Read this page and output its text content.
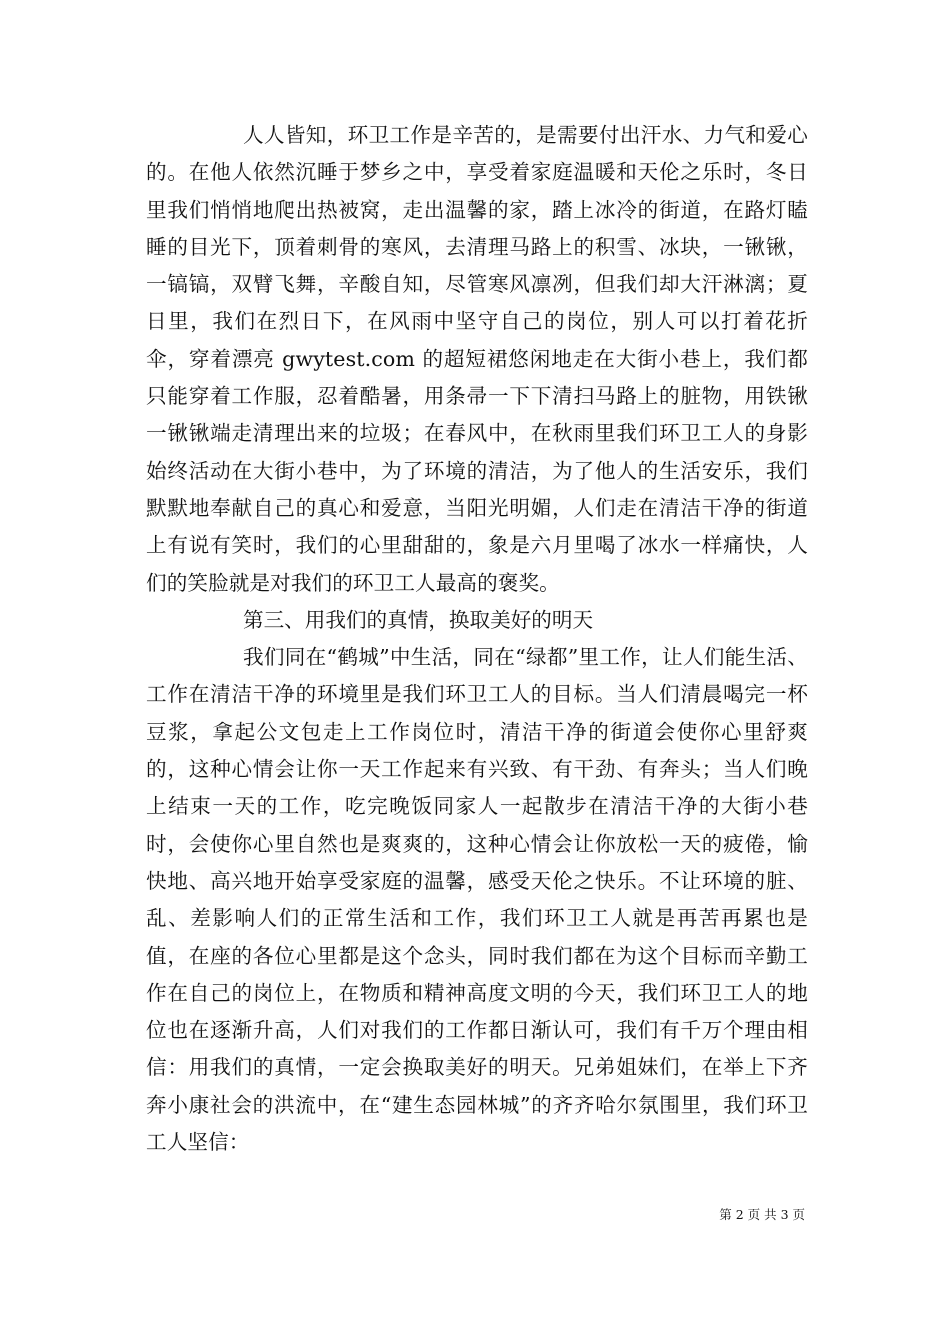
人人皆知，环卫工作是辛苦的，是需要付出汗水、力气和爱心的。在他人依然沉睡于梦乡之中，享受着家庭温暖和天伦之乐时，冬日里我们悄悄地爬出热被窝，走出温馨的家，踏上冰冷的街道，在路灯瞌睡的目光下，顶着刺骨的寒风，去清理马路上的积雪、冰块，一锹锹，一镐镐，双臂飞舞，辛酸自知，尽管寒风凛冽，但我们却大汗淋漓；夏日里，我们在烈日下，在风雨中坚守自己的岗位，别人可以打着花折伞，穿着漂亮 gwytest.com 的超短裙悠闲地走在大街小巷上，我们都只能穿着工作服，忍着酷暑，用条帚一下下清扫马路上的脏物，用铁锹一锹锹端走清理出来的垃圾；在春风中，在秋雨里我们环卫工人的身影始终活动在大街小巷中，为了环境的清洁，为了他人的生活安乐，我们默默地奉献自己的真心和爱意，当阳光明媚，人们走在清洁干净的街道上有说有笑时，我们的心里甜甜的，象是六月里喝了冰水一样痛快，人们的笑脸就是对我们的环卫工人最高的褒奖。

第三、用我们的真情，换取美好的明天

我们同在“鹤城”中生活，同在“绿都”里工作，让人们能生活、工作在清洁干净的环境里是我们环卫工人的目标。当人们清晨喝完一杯豆浆，拿起公文包走上工作岗位时，清洁干净的街道会使你心里舒爽的，这种心情会让你一天工作起来有兴致、有干劲、有奔头；当人们晚上结束一天的工作，吃完晚饭同家人一起散步在清洁干净的大街小巷时，会使你心里自然也是爽爽的，这种心情会让你放松一天的疲倦，愉快地、高兴地开始享受家庭的温馨，感受天伦之快乐。不让环境的脏、乱、差影响人们的正常生活和工作，我们环卫工人就是再苦再累也是值，在座的各位心里都是这个念头，同时我们都在为这个目标而辛勤工作在自己的岗位上，在物质和精神高度文明的今天，我们环卫工人的地位也在逐渐升高，人们对我们的工作都日渐认可，我们有千万个理由相信：用我们的真情，一定会换取美好的明天。兄弟姐妹们，在举上下齐奔小康社会的洪流中，在“建生态园林城”的齐齐哈尔氛围里，我们环卫工人坚信：

第 2 页 共 3 页
